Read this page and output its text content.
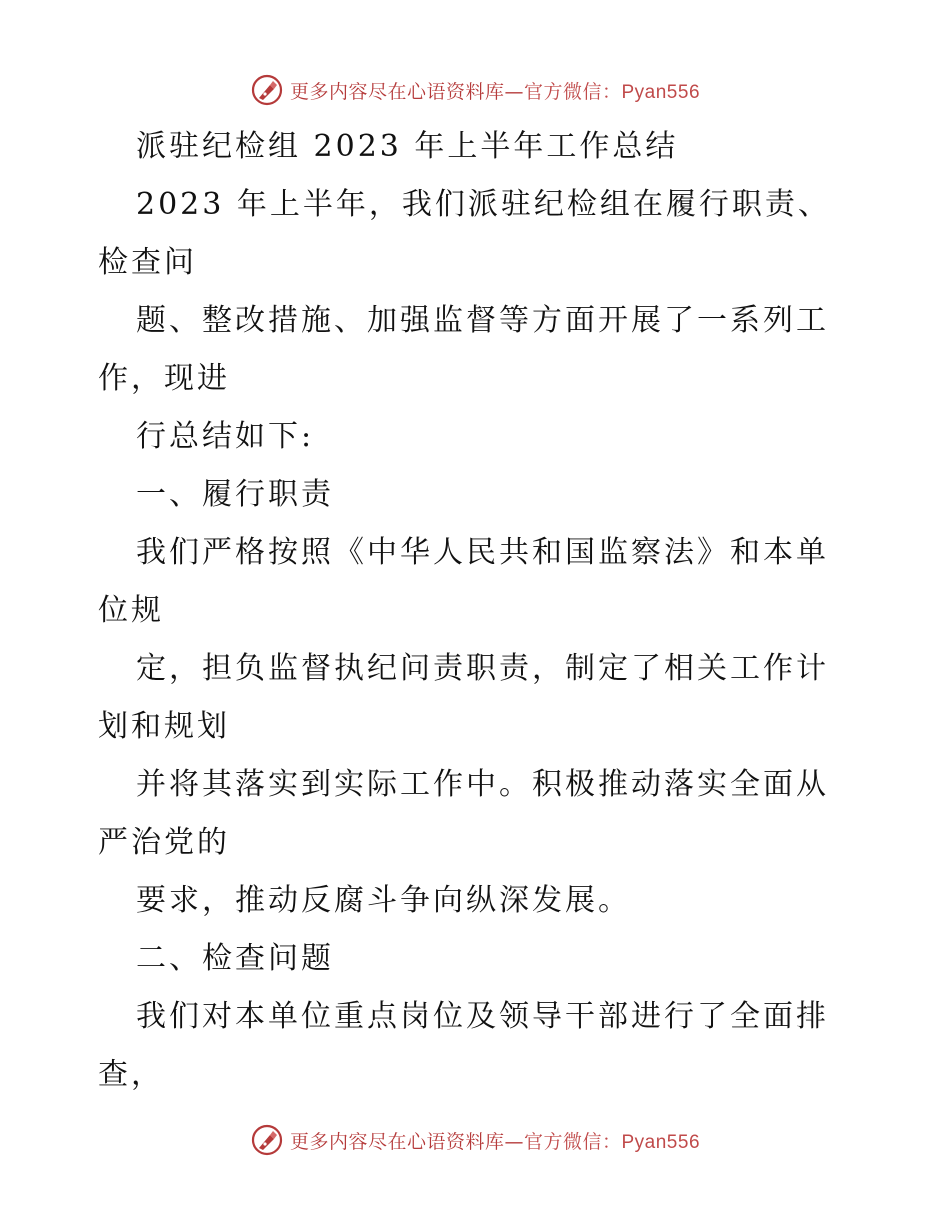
更多内容尽在心语资料库—官方微信：Pyan556
派驻纪检组 2023 年上半年工作总结
2023 年上半年，我们派驻纪检组在履行职责、
检查问
题、整改措施、加强监督等方面开展了一系列工
作，现进
行总结如下:
一、履行职责
我们严格按照《中华人民共和国监察法》和本单
位规
定，担负监督执纪问责职责，制定了相关工作计
划和规划
并将其落实到实际工作中。积极推动落实全面从
严治党的
要求，推动反腐斗争向纵深发展。
二、检查问题
我们对本单位重点岗位及领导干部进行了全面排
查，
更多内容尽在心语资料库—官方微信：Pyan556
